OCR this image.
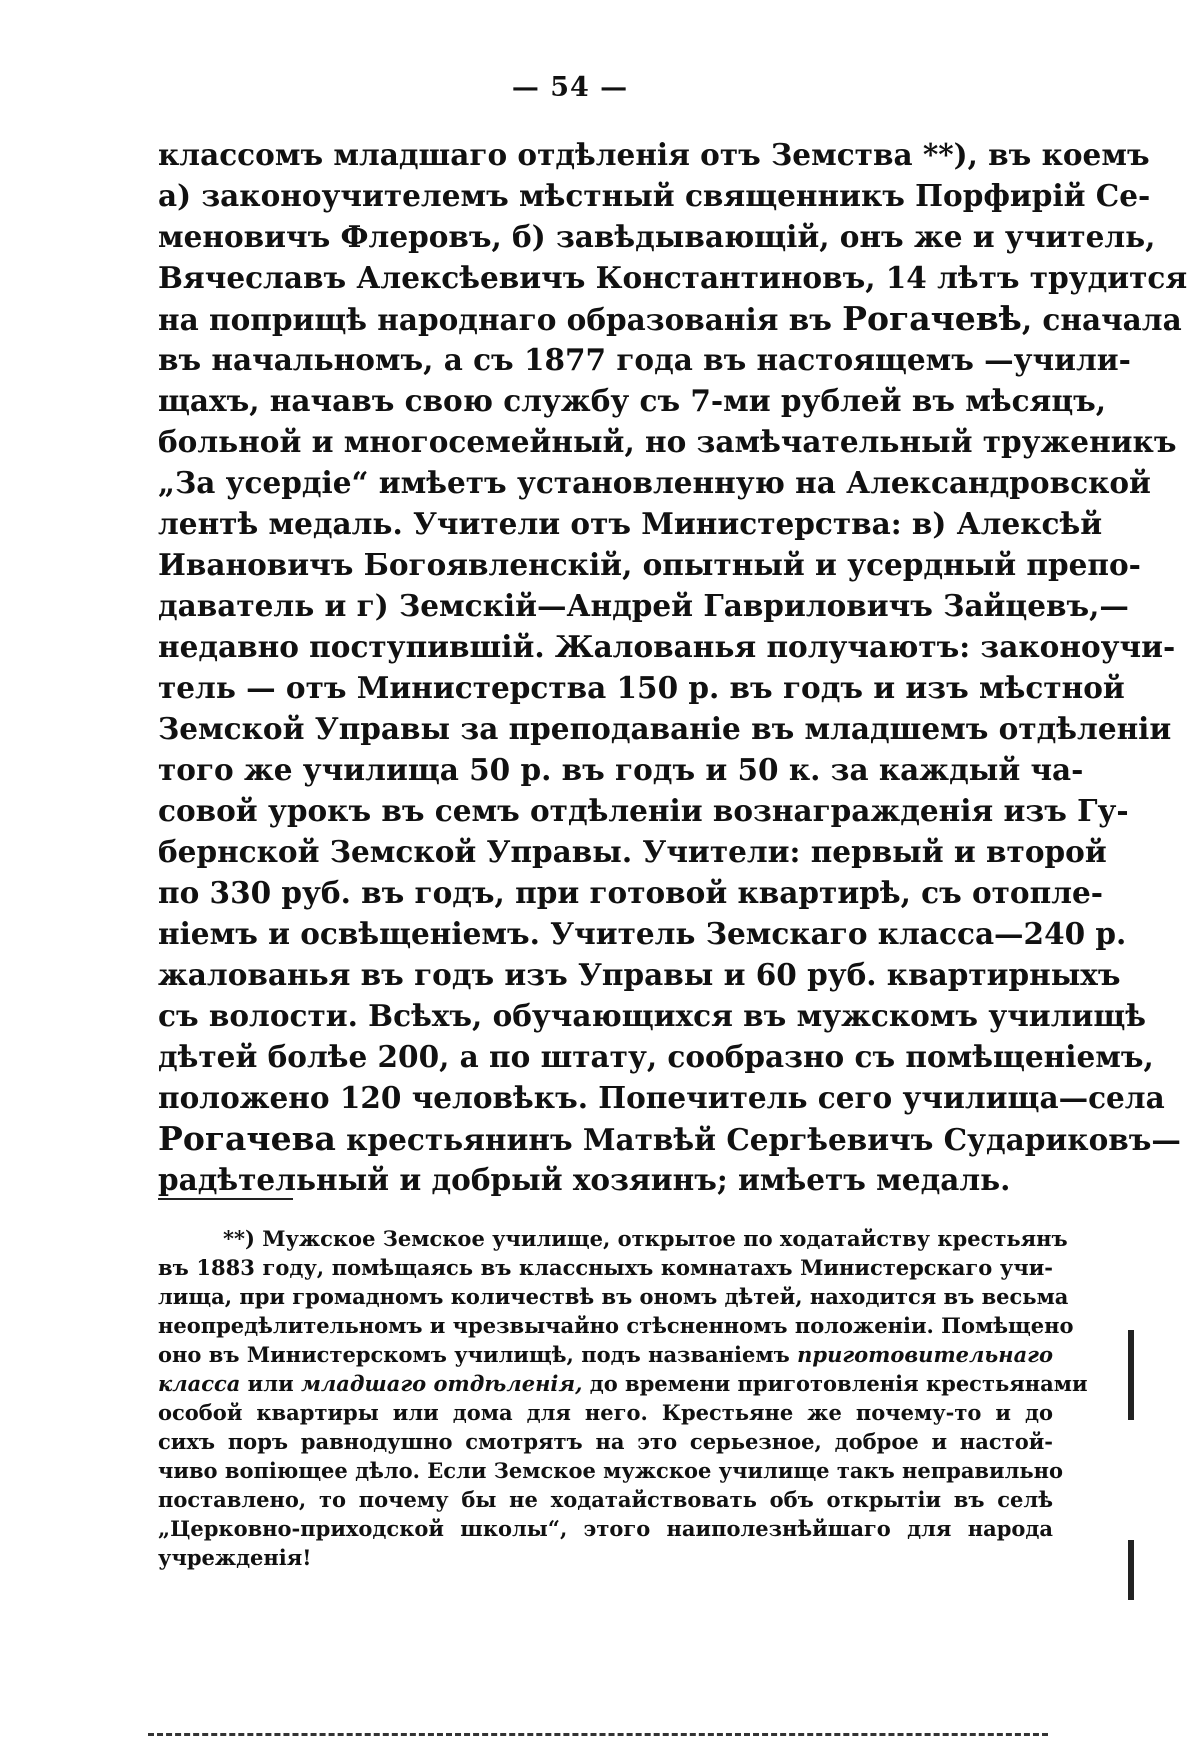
— 54 —
классомъ младшаго отдѣленія отъ Земства **), въ коемъ
а) законоучителемъ мѣстный священникъ Порфирій Се-
меновичъ Флеровъ, б) завѣдывающій, онъ же и учитель,
Вячеславъ Алексѣевичъ Константиновъ, 14 лѣтъ трудится
на поприщѣ народнаго образованія въ Рогачевѣ, сначала
въ начальномъ, а съ 1877 года въ настоящемъ —учили-
щахъ, начавъ свою службу съ 7-ми рублей въ мѣсяцъ,
больной и многосемейный, но замѣчательный труженикъ
„За усердіе“ имѣетъ установленную на Александровской
лентѣ медаль. Учители отъ Министерства: в) Алексѣй
Ивановичъ Богоявленскій, опытный и усердный препо-
даватель и г) Земскій—Андрей Гавриловичъ Зайцевъ,—
недавно поступившій. Жалованья получаютъ: законоучи-
тель — отъ Министерства 150 р. въ годъ и изъ мѣстной
Земской Управы за преподаваніе въ младшемъ отдѣленіи
того же училища 50 р. въ годъ и 50 к. за каждый ча-
совой урокъ въ семъ отдѣленіи вознагражденія изъ Гу-
бернской Земской Управы. Учители: первый и второй
по 330 руб. въ годъ, при готовой квартирѣ, съ отопле-
ніемъ и освѣщеніемъ. Учитель Земскаго класса—240 р.
жалованья въ годъ изъ Управы и 60 руб. квартирныхъ
съ волости. Всѣхъ, обучающихся въ мужскомъ училищѣ
дѣтей болѣе 200, а по штату, сообразно съ помѣщеніемъ,
положено 120 человѣкъ. Попечитель сего училища—села
Рогачева крестьянинъ Матвѣй Сергѣевичъ Судариковъ—
радѣтельный и добрый хозяинъ; имѣетъ медаль.
**) Мужское Земское училище, открытое по ходатайству крестьянъ
въ 1883 году, помѣщаясь въ классныхъ комнатахъ Министерскаго учи-
лища, при громадномъ количествѣ въ ономъ дѣтей, находится въ весьма
неопредѣлительномъ и чрезвычайно стѣсненномъ положеніи. Помѣщено
оно въ Министерскомъ училищѣ, подъ названіемъ приготовительнаго
класса или младшаго отдѣленія, до времени приготовленія крестьянами
особой квартиры или дома для него. Крестьяне же почему-то и до
сихъ поръ равнодушно смотрятъ на это серьезное, доброе и настой-
чиво вопіющее дѣло. Если Земское мужское училище такъ неправильно
поставлено, то почему бы не ходатайствовать объ открытіи въ селѣ
„Церковно-приходской школы“, этого наиполезнѣйшаго для народа
учрежденія!
